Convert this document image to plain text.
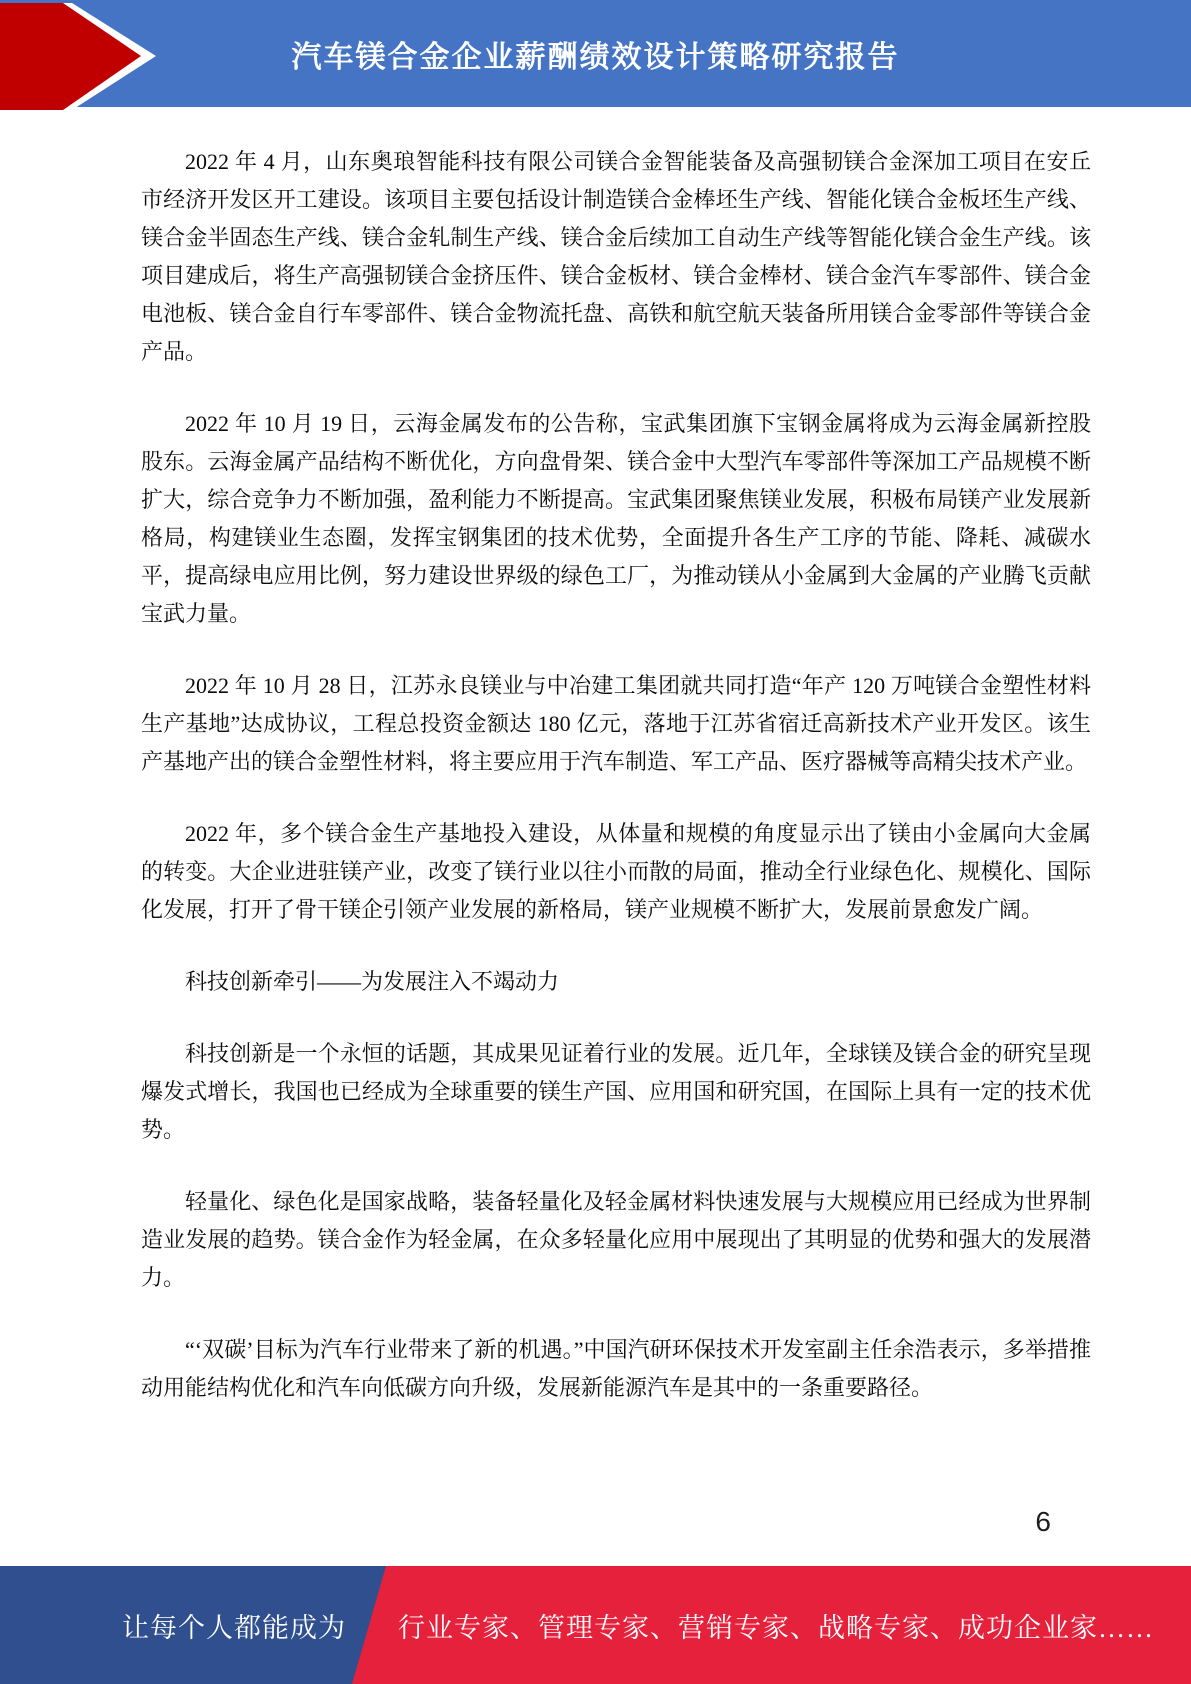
汽车镁合金企业薪酬绩效设计策略研究报告

2022 年 4 月，山东奥琅智能科技有限公司镁合金智能装备及高强韧镁合金深加工项目在安丘市经济开发区开工建设。该项目主要包括设计制造镁合金棒坯生产线、智能化镁合金板坯生产线、镁合金半固态生产线、镁合金轧制生产线、镁合金后续加工自动生产线等智能化镁合金生产线。该项目建成后，将生产高强韧镁合金挤压件、镁合金板材、镁合金棒材、镁合金汽车零部件、镁合金电池板、镁合金自行车零部件、镁合金物流托盘、高铁和航空航天装备所用镁合金零部件等镁合金产品。

2022 年 10 月 19 日，云海金属发布的公告称，宝武集团旗下宝钢金属将成为云海金属新控股股东。云海金属产品结构不断优化，方向盘骨架、镁合金中大型汽车零部件等深加工产品规模不断扩大，综合竞争力不断加强，盈利能力不断提高。宝武集团聚焦镁业发展，积极布局镁产业发展新格局，构建镁业生态圈，发挥宝钢集团的技术优势，全面提升各生产工序的节能、降耗、减碳水平，提高绿电应用比例，努力建设世界级的绿色工厂，为推动镁从小金属到大金属的产业腾飞贡献宝武力量。

2022 年 10 月 28 日，江苏永良镁业与中冶建工集团就共同打造“年产 120 万吨镁合金塑性材料生产基地”达成协议，工程总投资金额达 180 亿元，落地于江苏省宿迁高新技术产业开发区。该生产基地产出的镁合金塑性材料，将主要应用于汽车制造、军工产品、医疗器械等高精尖技术产业。

2022 年，多个镁合金生产基地投入建设，从体量和规模的角度显示出了镁由小金属向大金属的转变。大企业进驻镁产业，改变了镁行业以往小而散的局面，推动全行业绿色化、规模化、国际化发展，打开了骨干镁企引领产业发展的新格局，镁产业规模不断扩大，发展前景愈发广阔。

科技创新牵引——为发展注入不竭动力

科技创新是一个永恒的话题，其成果见证着行业的发展。近几年，全球镁及镁合金的研究呈现爆发式增长，我国也已经成为全球重要的镁生产国、应用国和研究国，在国际上具有一定的技术优势。

轻量化、绿色化是国家战略，装备轻量化及轻金属材料快速发展与大规模应用已经成为世界制造业发展的趋势。镁合金作为轻金属，在众多轻量化应用中展现出了其明显的优势和强大的发展潜力。

“‘双碳’目标为汽车行业带来了新的机遇。”中国汽研环保技术开发室副主任余浩表示，多举措推动用能结构优化和汽车向低碳方向升级，发展新能源汽车是其中的一条重要路径。

6
让每个人都能成为 行业专家、管理专家、营销专家、战略专家、成功企业家……
